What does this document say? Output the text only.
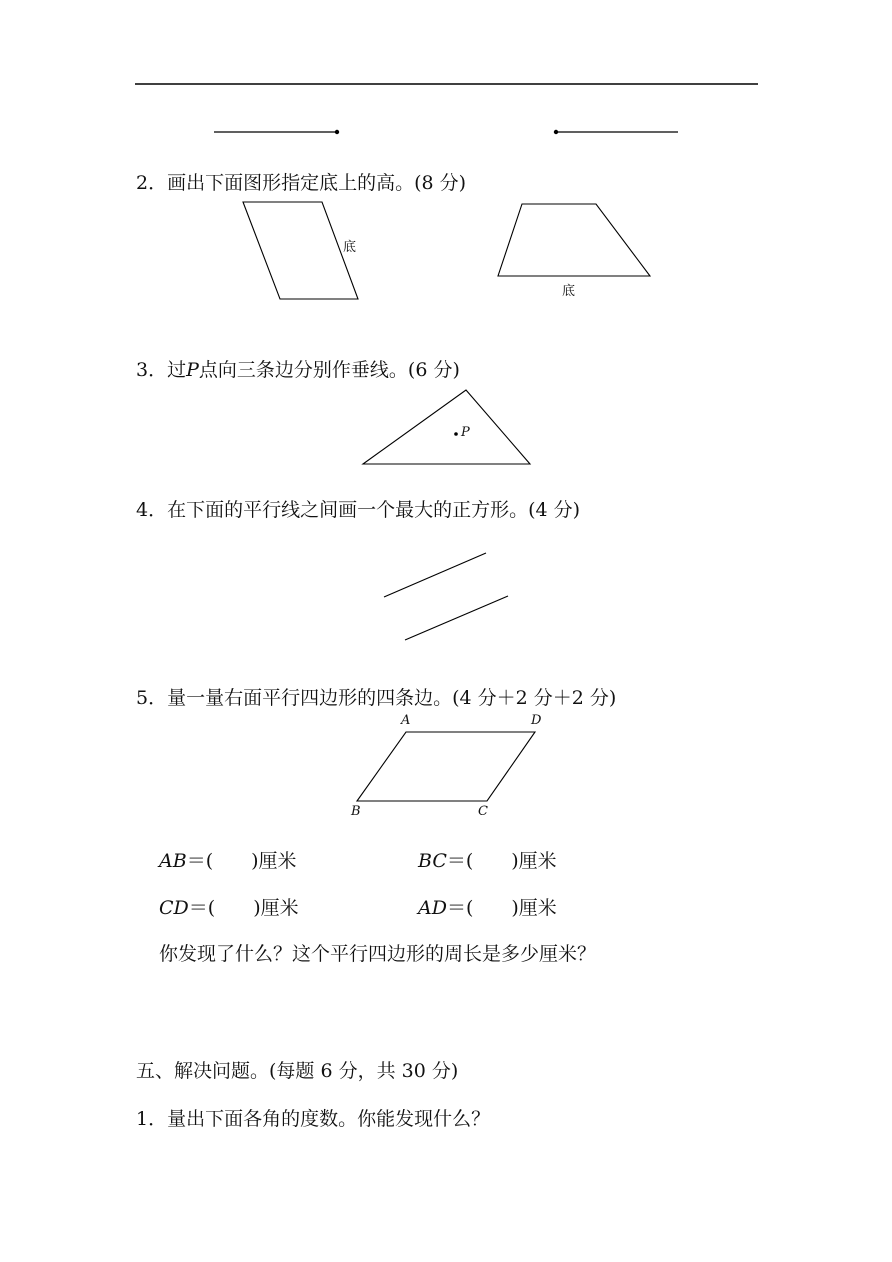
2．画出下面图形指定底上的高。(8 分)
底
底
3．过P点向三条边分别作垂线。(6 分)
P
4．在下面的平行线之间画一个最大的正方形。(4 分)
5．量一量右面平行四边形的四条边。(4 分＋2 分＋2 分)
A	D
B	C
AB＝(　　)厘米	BC＝(　　)厘米
CD＝(　　)厘米	AD＝(　　)厘米
你发现了什么？这个平行四边形的周长是多少厘米？
五、解决问题。(每题 6 分，共 30 分)
1．量出下面各角的度数。你能发现什么？
